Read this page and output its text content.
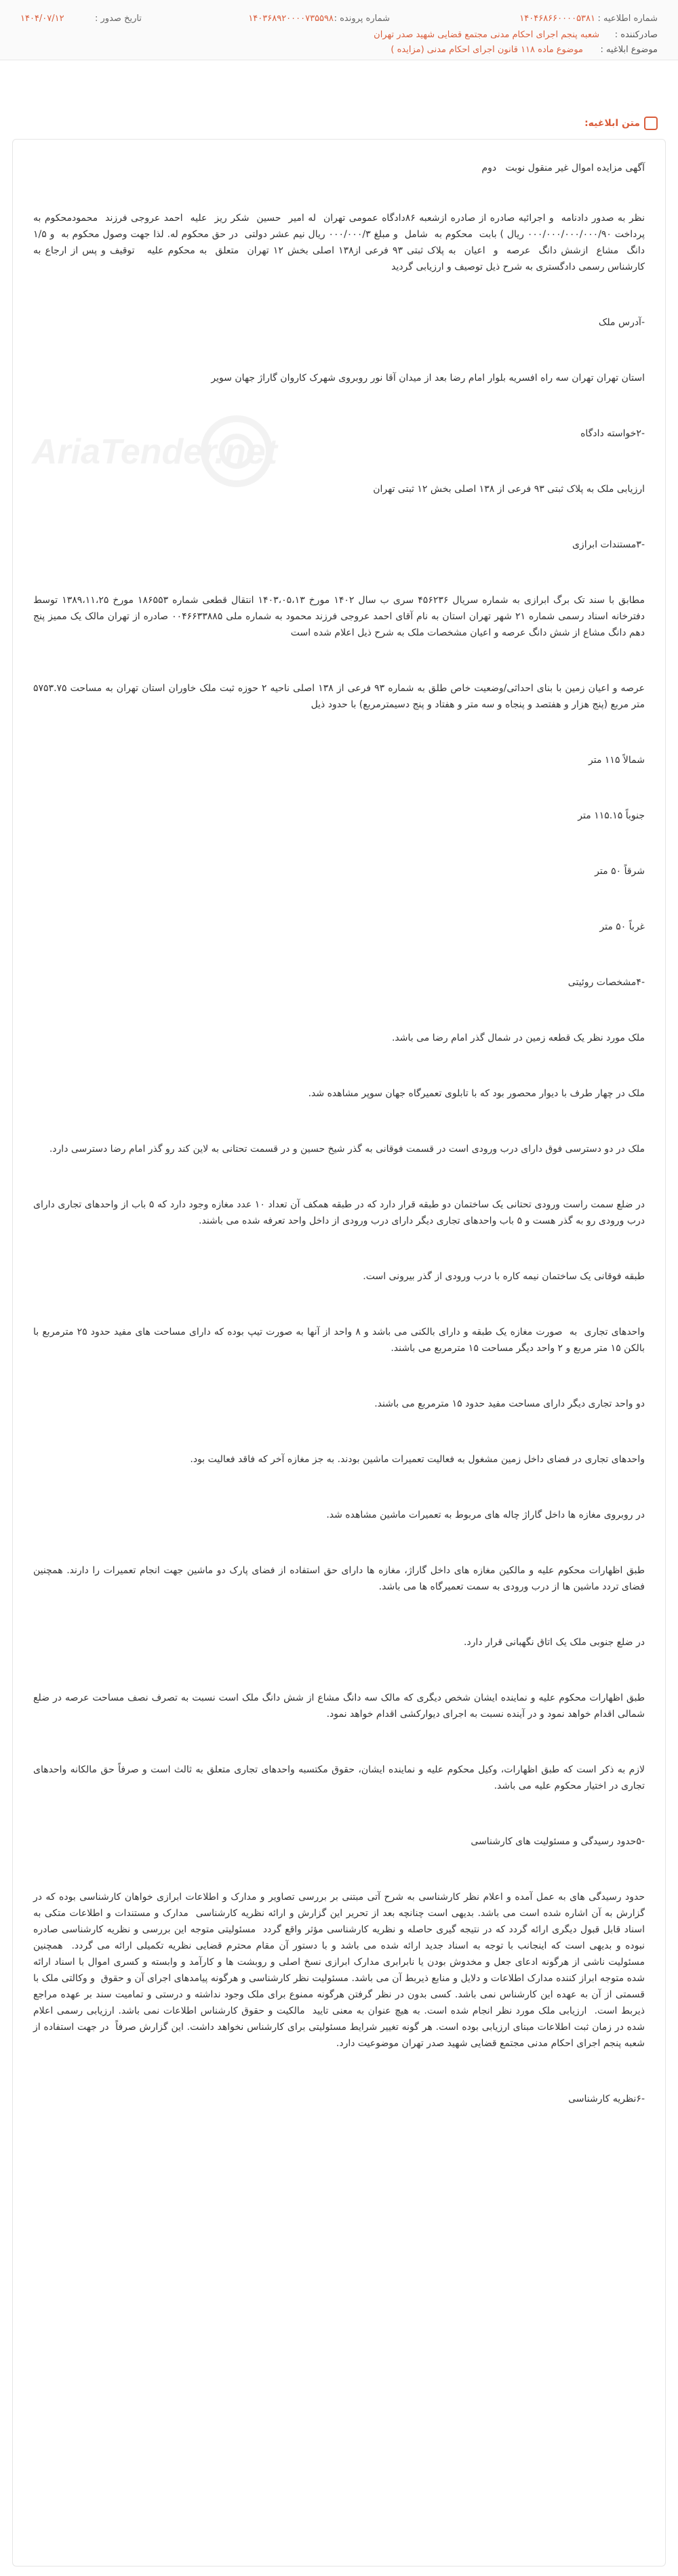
شماره اطلاعیه :
۱۴۰۴۶۸۶۶۰۰۰۰۵۳۸۱
شماره پرونده :
۱۴۰۳۶۸۹۲۰۰۰۰۷۳۵۵۹۸
تاریخ صدور :
۱۴۰۴/۰۷/۱۲
صادرکننده :
شعبه پنجم اجرای احکام مدنی مجتمع قضایی شهید صدر تهران
موضوع ابلاغیه :
موضوع ماده ۱۱۸ قانون اجرای احکام مدنی (مزایده )
متن ابلاغیه:
AriaTender.net

آگهی مزایده اموال غیر منقول نوبت   دوم

نظر به صدور دادنامه  و اجرائیه صادره از صادره ازشعبه ۸۶دادگاه عمومی تهران  له امیر  حسین  شکر ریز  علیه  احمد عروجی فرزند  محمودمحکوم به پرداخت ۰۰۰/۰۰۰/۰۰۰/۰۰۰/۹۰ ریال ) بابت  محکوم به  شامل  و مبلغ ۰۰۰/۰۰۰/۳ ریال نیم عشر دولتی  در حق محکوم له. لذا جهت وصول محکوم به  و ۱/۵ دانگ  مشاع  ازشش دانگ  عرصه  و  اعیان  به پلاک ثبتی ۹۳ فرعی از۱۳۸ اصلی بخش ۱۲ تهران  متعلق  به محکوم علیه   توقیف و پس از ارجاع به کارشناس رسمی دادگستری به شرح ذیل توصیف و ارزیابی گردید

-آدرس ملک

استان تهران تهران سه راه افسریه بلوار امام رضا بعد از میدان آقا نور روبروی شهرک کاروان گاراژ جهان سویر

-۲خواسته دادگاه

ارزیابی ملک به پلاک ثبتی ۹۳ فرعی از ۱۳۸ اصلی بخش ۱۲ ثبتی تهران

-۳مستندات ابرازی

مطابق با سند تک برگ ابرازی به شماره سریال ۴۵۶۲۳۶ سری ب سال ۱۴۰۲ مورخ ۱۴۰۳،۰۵،۱۳ انتقال قطعی شماره ۱۸۶۵۵۳ مورخ ۱۳۸۹،۱۱،۲۵ توسط دفترخانه اسناد رسمی شماره ۲۱ شهر تهران استان به نام آقای احمد عروجی فرزند محمود به شماره ملی ۰۰۴۶۶۳۳۸۸۵ صادره از تهران مالک یک ممیز پنج دهم دانگ مشاع از شش دانگ عرصه و اعیان مشخصات ملک به شرح ذیل اعلام شده است

عرصه و اعیان زمین با بنای احداثی/وضعیت خاص طلق به شماره ۹۳ فرعی از ۱۳۸ اصلی ناحیه ۲ حوزه ثبت ملک خاوران استان تهران به مساحت ۵۷۵۳.۷۵ متر مربع (پنج هزار و هفتصد و پنجاه و سه متر و هفتاد و پنج دسیمترمربع) با حدود ذیل

شمالاً ۱۱۵ متر

جنوباً ۱۱۵.۱۵ متر

شرقاً ۵۰ متر

غرباً ۵۰ متر

-۴مشخصات روئیتی

ملک مورد نظر یک قطعه زمین در شمال گذر امام رضا می باشد.

ملک در چهار طرف با دیوار محصور بود که با تابلوی تعمیرگاه جهان سوپر مشاهده شد.

ملک در دو دسترسی فوق دارای درب ورودی است در قسمت فوقانی به گذر شیخ حسین و در قسمت تحتانی به لاین کند رو گذر امام رضا دسترسی دارد.

در ضلع سمت راست ورودی تحتانی یک ساختمان دو طبقه قرار دارد که در طبقه همکف آن تعداد ۱۰ عدد مغازه وجود دارد که ۵ باب از واحدهای تجاری دارای درب ورودی رو به گذر هست و ۵ باب واحدهای تجاری دیگر دارای درب ورودی از داخل واحد تعرفه شده می باشند.

طبقه فوقانی یک ساختمان نیمه کاره با درب ورودی از گذر بیرونی است.

واحدهای تجاری  به  صورت مغازه یک طبقه و دارای بالکنی می باشد و ۸ واحد از آنها به صورت تیپ بوده که دارای مساحت های مفید حدود ۲۵ مترمربع با بالکن ۱۵ متر مربع و ۲ واحد دیگر مساحت ۱۵ مترمربع می باشند.

دو واحد تجاری دیگر دارای مساحت مفید حدود ۱۵ مترمربع می باشند.

واحدهای تجاری در فضای داخل زمین مشغول به فعالیت تعمیرات ماشین بودند. به جز مغازه آخر که فاقد فعالیت بود.

در روبروی مغازه ها داخل گاراژ چاله های مربوط به تعمیرات ماشین مشاهده شد.

طبق اظهارات محکوم علیه و مالکین مغازه های داخل گاراژ، مغازه ها دارای حق استفاده از فضای پارک دو ماشین جهت انجام تعمیرات را دارند. همچنین فضای تردد ماشین ها از درب ورودی به سمت تعمیرگاه ها می باشد.

در ضلع جنوبی ملک یک اتاق نگهبانی قرار دارد.

طبق اظهارات محکوم علیه و نماینده ایشان شخص دیگری که مالک سه دانگ مشاع از شش دانگ ملک است نسبت به تصرف نصف مساحت عرصه در ضلع شمالی اقدام خواهد نمود و در آینده نسبت به اجرای دیوارکشی اقدام خواهد نمود.

لازم به ذکر است که طبق اظهارات، وکیل محکوم علیه و نماینده ایشان، حقوق مکتسبه واحدهای تجاری متعلق به ثالث است و صرفاً حق مالکانه واحدهای تجاری در اختیار محکوم علیه می باشد.

-۵حدود رسیدگی و مسئولیت های کارشناسی

حدود رسیدگی های به عمل آمده و اعلام نظر کارشناسی به شرح آتی مبتنی بر بررسی تصاویر و مدارک و اطلاعات ابرازی خواهان کارشناسی بوده که در گزارش به آن اشاره شده است می باشد. بدیهی است چنانچه بعد از تحریر این گزارش و ارائه نظریه کارشناسی  مدارک و مستندات و اطلاعات متکی به اسناد قابل قبول دیگری ارائه گردد که در نتیجه گیری حاصله و نظریه کارشناسی مؤثر واقع گردد  مسئولیتی متوجه این بررسی و نظریه کارشناسی صادره نبوده و بدیهی است که اینجانب با توجه به اسناد جدید ارائه شده می باشد و با دستور آن مقام محترم قضایی نظریه تکمیلی ارائه می گردد.  همچنین مسئولیت ناشی از هرگونه ادعای جعل و مخدوش بودن یا نابرابری مدارک ابرازی نسخ اصلی و روبشت ها و کارآمد و وابسته و کسری اموال با اسناد ارائه شده متوجه ابراز کننده مدارک اطلاعات و دلایل و منابع ذیربط آن می باشد. مسئولیت نظر کارشناسی و هرگونه پیامدهای اجرای آن و حقوق  و وکالتی ملک با قسمتی از آن به عهده این کارشناس نمی باشد. کسی بدون در نظر گرفتن هرگونه ممنوع برای ملک وجود نداشته و درستی و تمامیت سند بر عهده مراجع ذیربط است.  ارزیابی ملک مورد نظر انجام شده است. به هیچ عنوان به معنی تایید  مالکیت و حقوق کارشناس اطلاعات نمی باشد. ارزیابی رسمی اعلام شده در زمان ثبت اطلاعات مبنای ارزیابی بوده است. هر گونه تغییر شرایط مسئولیتی برای کارشناس نخواهد داشت. این گزارش صرفاً  در جهت استفاده از شعبه پنجم اجرای احکام مدنی مجتمع قضایی شهید صدر تهران موضوعیت دارد.

-۶نظریه کارشناسی
